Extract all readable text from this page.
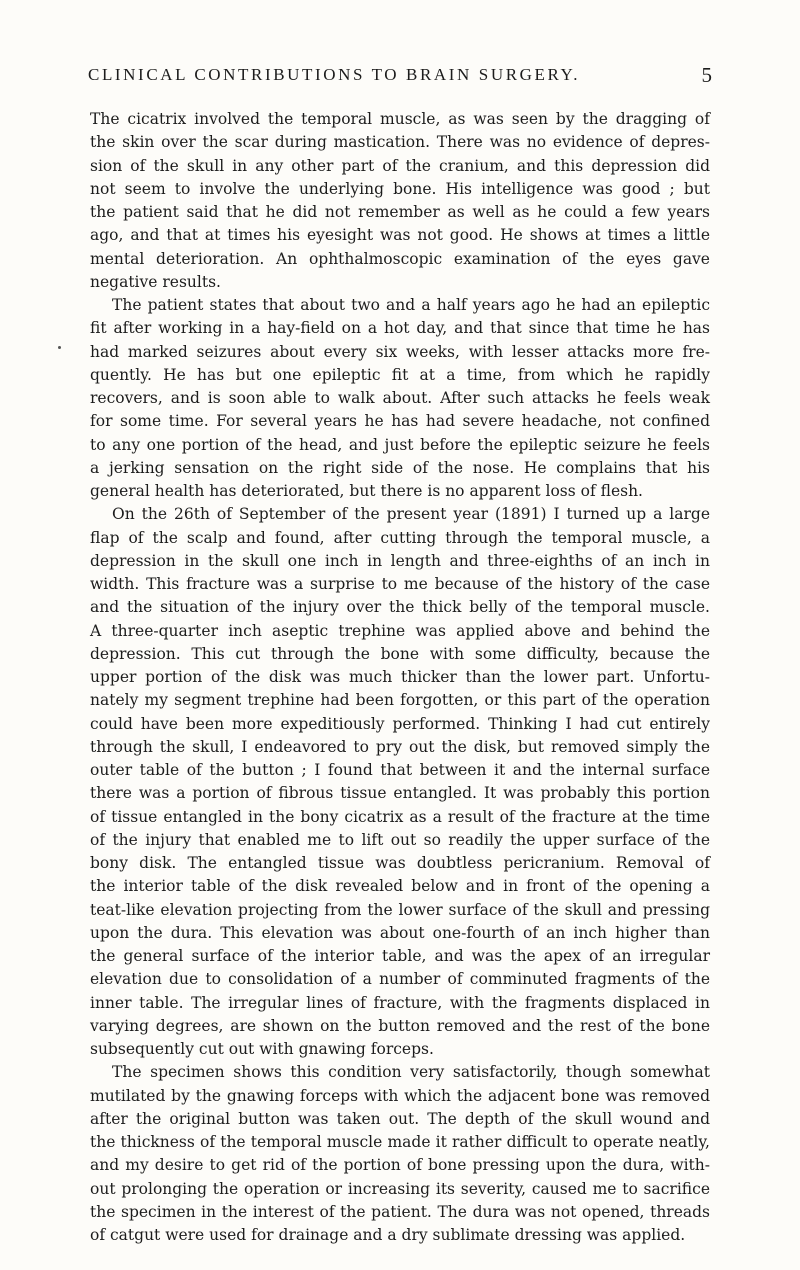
CLINICAL CONTRIBUTIONS TO BRAIN SURGERY.	5
The cicatrix involved the temporal muscle, as was seen by the dragging of
the skin over the scar during mastication. There was no evidence of depres-
sion of the skull in any other part of the cranium, and this depression did
not seem to involve the underlying bone. His intelligence was good ; but
the patient said that he did not remember as well as he could a few years
ago, and that at times his eyesight was not good. He shows at times a little
mental deterioration. An ophthalmoscopic examination of the eyes gave
negative results.
The patient states that about two and a half years ago he had an epileptic
fit after working in a hay-field on a hot day, and that since that time he has
had marked seizures about every six weeks, with lesser attacks more fre-
quently. He has but one epileptic fit at a time, from which he rapidly
recovers, and is soon able to walk about. After such attacks he feels weak
for some time. For several years he has had severe headache, not confined
to any one portion of the head, and just before the epileptic seizure he feels
a jerking sensation on the right side of the nose. He complains that his
general health has deteriorated, but there is no apparent loss of flesh.
On the 26th of September of the present year (1891) I turned up a large
flap of the scalp and found, after cutting through the temporal muscle, a
depression in the skull one inch in length and three-eighths of an inch in
width. This fracture was a surprise to me because of the history of the case
and the situation of the injury over the thick belly of the temporal muscle.
A three-quarter inch aseptic trephine was applied above and behind the
depression. This cut through the bone with some difficulty, because the
upper portion of the disk was much thicker than the lower part. Unfortu-
nately my segment trephine had been forgotten, or this part of the operation
could have been more expeditiously performed. Thinking I had cut entirely
through the skull, I endeavored to pry out the disk, but removed simply the
outer table of the button ; I found that between it and the internal surface
there was a portion of fibrous tissue entangled. It was probably this portion
of tissue entangled in the bony cicatrix as a result of the fracture at the time
of the injury that enabled me to lift out so readily the upper surface of the
bony disk. The entangled tissue was doubtless pericranium. Removal of
the interior table of the disk revealed below and in front of the opening a
teat-like elevation projecting from the lower surface of the skull and pressing
upon the dura. This elevation was about one-fourth of an inch higher than
the general surface of the interior table, and was the apex of an irregular
elevation due to consolidation of a number of comminuted fragments of the
inner table. The irregular lines of fracture, with the fragments displaced in
varying degrees, are shown on the button removed and the rest of the bone
subsequently cut out with gnawing forceps.
The specimen shows this condition very satisfactorily, though somewhat
mutilated by the gnawing forceps with which the adjacent bone was removed
after the original button was taken out. The depth of the skull wound and
the thickness of the temporal muscle made it rather difficult to operate neatly,
and my desire to get rid of the portion of bone pressing upon the dura, with-
out prolonging the operation or increasing its severity, caused me to sacrifice
the specimen in the interest of the patient. The dura was not opened, threads
of catgut were used for drainage and a dry sublimate dressing was applied.
